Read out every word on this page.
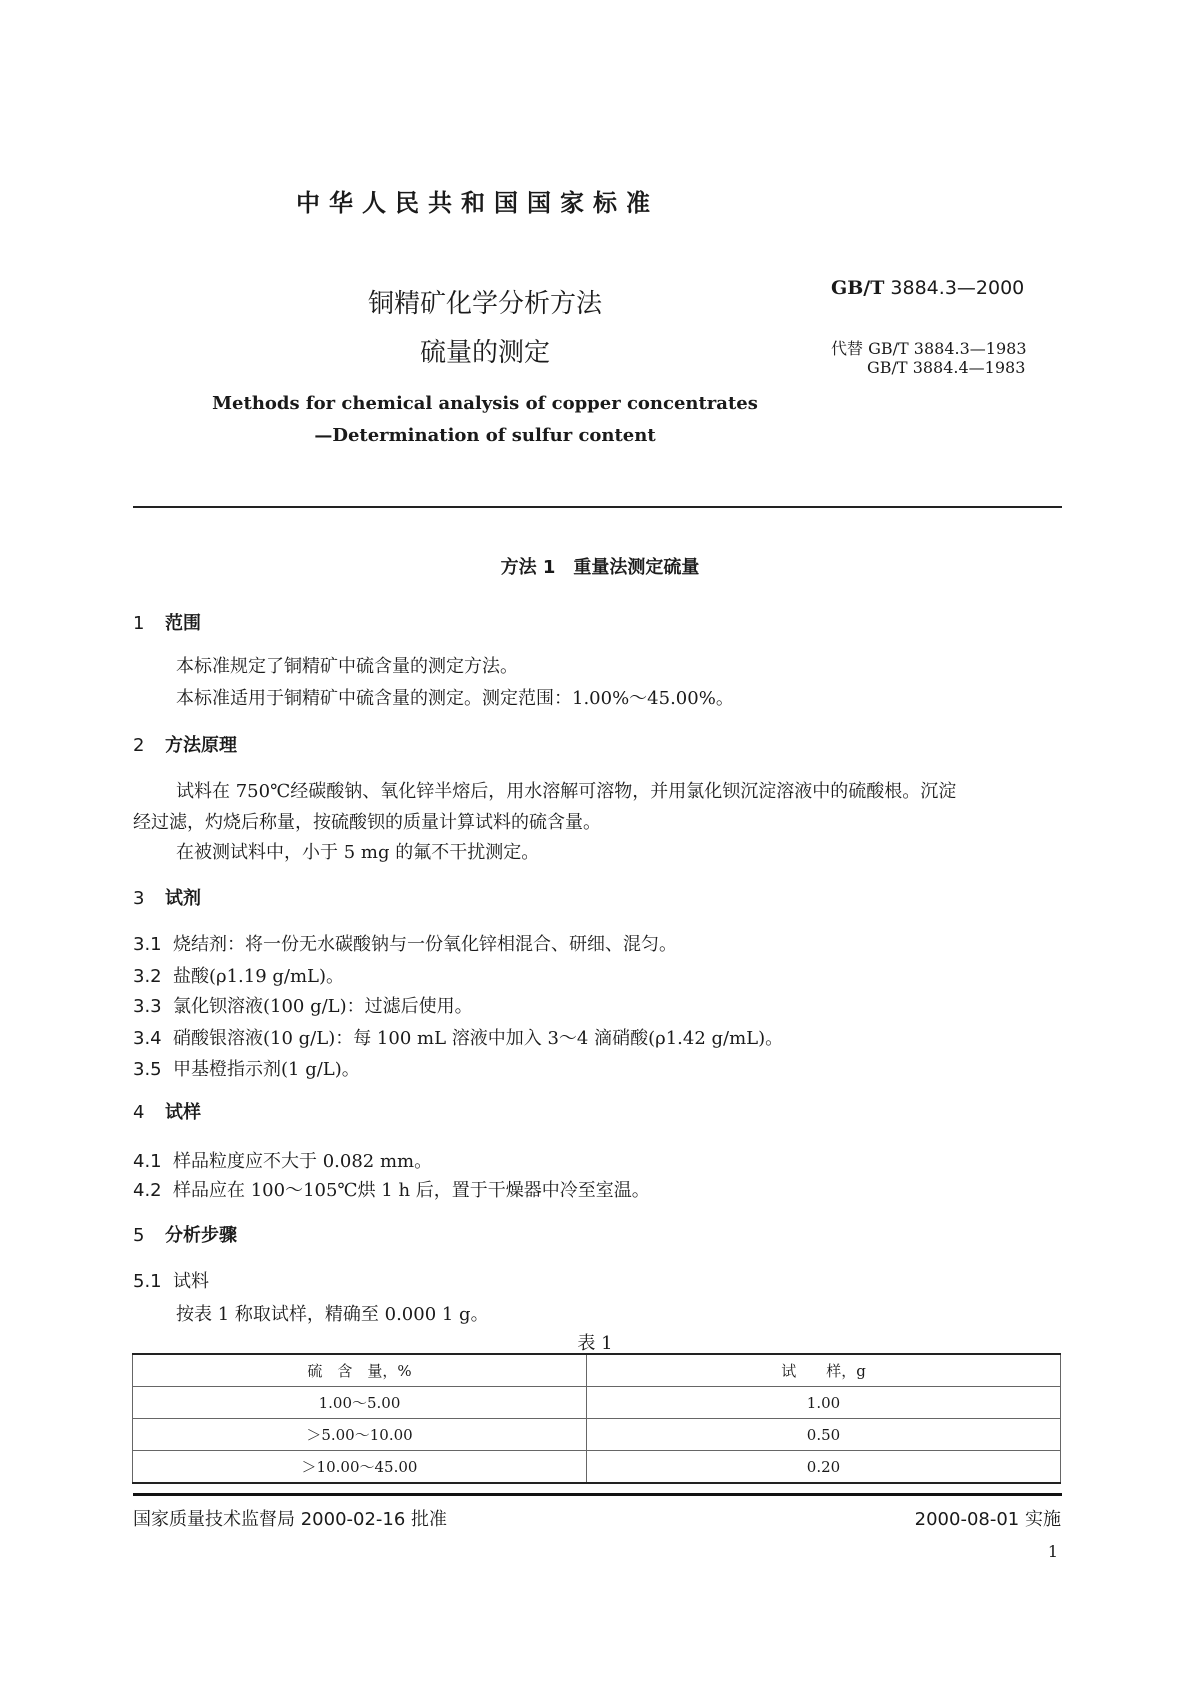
中华人民共和国国家标准
铜精矿化学分析方法
硫量的测定
GB/T 3884.3—2000
代替 GB/T 3884.3—1983
GB/T 3884.4—1983
Methods for chemical analysis of copper concentrates
—Determination of sulfur content
方法 1　重量法测定硫量
1 范围
本标准规定了铜精矿中硫含量的测定方法。
本标准适用于铜精矿中硫含量的测定。测定范围：1.00%～45.00%。
2 方法原理
试料在 750℃经碳酸钠、氧化锌半熔后，用水溶解可溶物，并用氯化钡沉淀溶液中的硫酸根。沉淀
经过滤，灼烧后称量，按硫酸钡的质量计算试料的硫含量。
在被测试料中，小于 5 mg 的氟不干扰测定。
3 试剂
3.1 烧结剂：将一份无水碳酸钠与一份氧化锌相混合、研细、混匀。
3.2 盐酸(ρ1.19 g/mL)。
3.3 氯化钡溶液(100 g/L)：过滤后使用。
3.4 硝酸银溶液(10 g/L)：每 100 mL 溶液中加入 3～4 滴硝酸(ρ1.42 g/mL)。
3.5 甲基橙指示剂(1 g/L)。
4 试样
4.1 样品粒度应不大于 0.082 mm。
4.2 样品应在 100～105℃烘 1 h 后，置于干燥器中冷至室温。
5 分析步骤
5.1 试料
按表 1 称取试样，精确至 0.000 1 g。
表 1
硫　含　量，%	试　　样，g
1.00～5.00	1.00
＞5.00～10.00	0.50
＞10.00～45.00	0.20
国家质量技术监督局 2000-02-16 批准	2000-08-01 实施
1
